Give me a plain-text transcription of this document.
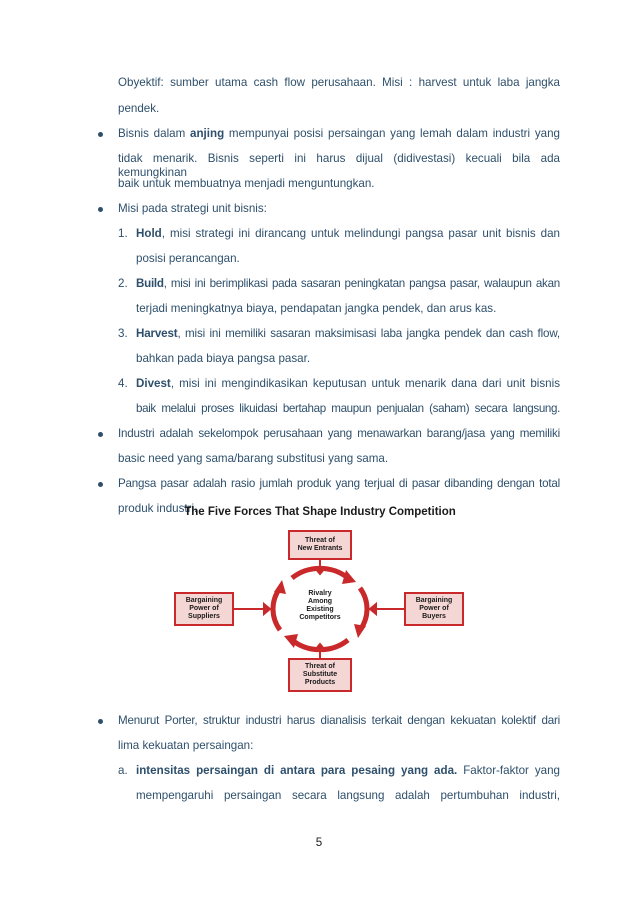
Obyektif: sumber utama cash flow perusahaan. Misi : harvest untuk laba jangka
pendek.
Bisnis dalam anjing mempunyai posisi persaingan yang lemah dalam industri yang
tidak menarik. Bisnis seperti ini harus dijual (didivestasi) kecuali bila ada kemungkinan
baik untuk membuatnya menjadi menguntungkan.
Misi pada strategi unit bisnis:
1. Hold, misi strategi ini dirancang untuk melindungi pangsa pasar unit bisnis dan
posisi perancangan.
2. Build, misi ini berimplikasi pada sasaran peningkatan pangsa pasar, walaupun akan
terjadi meningkatnya biaya, pendapatan jangka pendek, dan arus kas.
3. Harvest, misi ini memiliki sasaran maksimisasi laba jangka pendek dan cash flow,
bahkan pada biaya pangsa pasar.
4. Divest, misi ini mengindikasikan keputusan untuk menarik dana dari unit bisnis
baik melalui proses likuidasi bertahap maupun penjualan (saham) secara langsung.
Industri adalah sekelompok perusahaan yang menawarkan barang/jasa yang memiliki
basic need yang sama/barang substitusi yang sama.
Pangsa pasar adalah rasio jumlah produk yang terjual di pasar dibanding dengan total
produk industri.
The Five Forces That Shape Industry Competition
Threat of
New Entrants
Bargaining
Power of
Suppliers
Rivalry
Among
Existing
Competitors
Bargaining
Power of
Buyers
Threat of
Substitute
Products
Menurut Porter, struktur industri harus dianalisis terkait dengan kekuatan kolektif dari
lima kekuatan persaingan:
a. intensitas persaingan di antara para pesaing yang ada. Faktor-faktor yang
mempengaruhi persaingan secara langsung adalah pertumbuhan industri,
5
